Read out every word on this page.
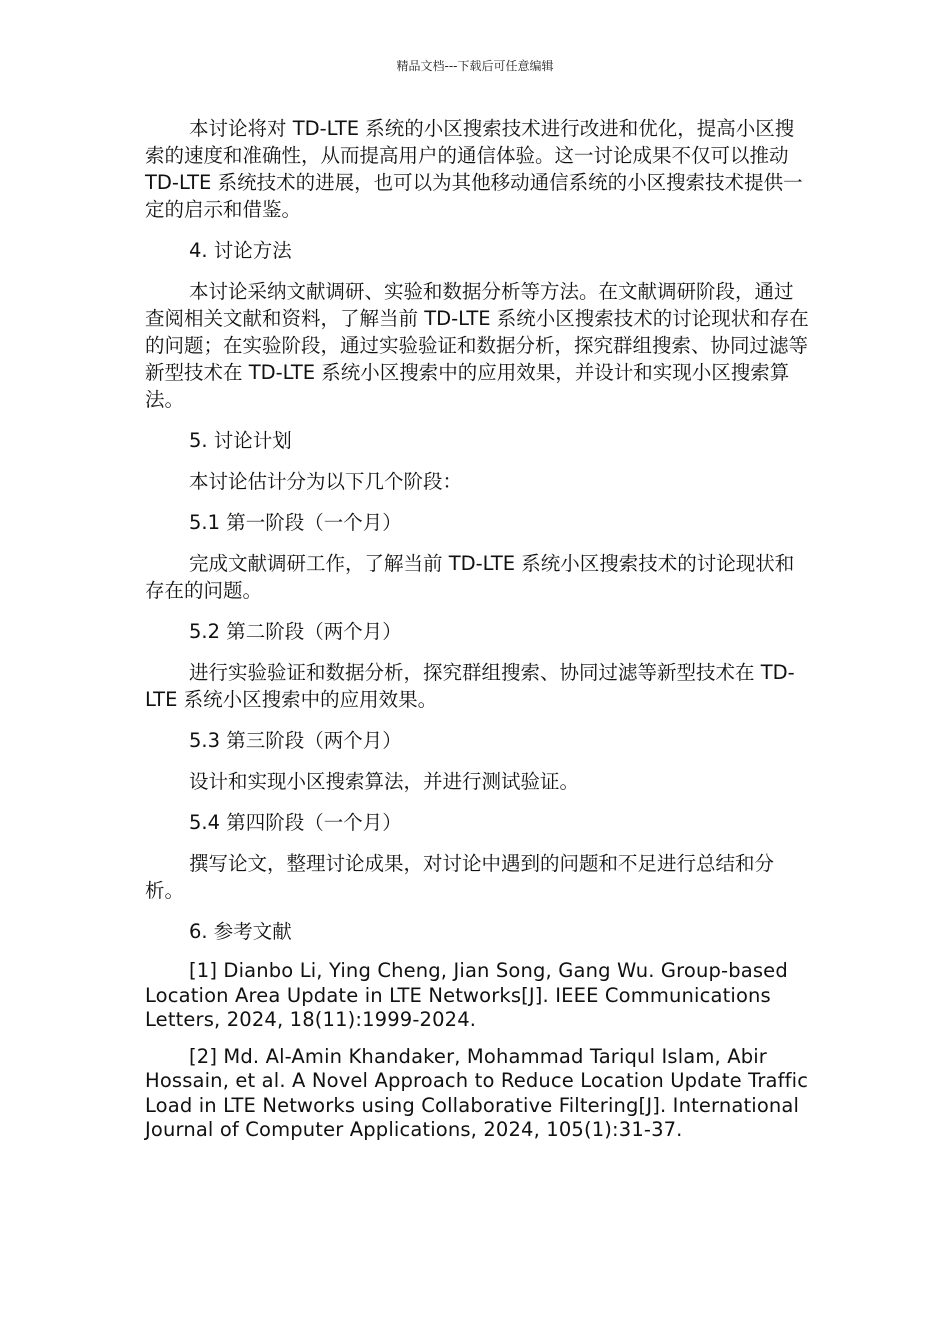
精品文档---下载后可任意编辑

本讨论将对 TD-LTE 系统的小区搜索技术进行改进和优化，提高小区搜索的速度和准确性，从而提高用户的通信体验。这一讨论成果不仅可以推动 TD-LTE 系统技术的进展，也可以为其他移动通信系统的小区搜索技术提供一定的启示和借鉴。

4. 讨论方法

本讨论采纳文献调研、实验和数据分析等方法。在文献调研阶段，通过查阅相关文献和资料，了解当前 TD-LTE 系统小区搜索技术的讨论现状和存在的问题；在实验阶段，通过实验验证和数据分析，探究群组搜索、协同过滤等新型技术在 TD-LTE 系统小区搜索中的应用效果，并设计和实现小区搜索算法。

5. 讨论计划

本讨论估计分为以下几个阶段：

5.1 第一阶段（一个月）

完成文献调研工作，了解当前 TD-LTE 系统小区搜索技术的讨论现状和存在的问题。

5.2 第二阶段（两个月）

进行实验验证和数据分析，探究群组搜索、协同过滤等新型技术在 TD-LTE 系统小区搜索中的应用效果。

5.3 第三阶段（两个月）

设计和实现小区搜索算法，并进行测试验证。

5.4 第四阶段（一个月）

撰写论文，整理讨论成果，对讨论中遇到的问题和不足进行总结和分析。

6. 参考文献

[1] Dianbo Li, Ying Cheng, Jian Song, Gang Wu. Group-based Location Area Update in LTE Networks[J]. IEEE Communications Letters, 2024, 18(11):1999-2024.

[2] Md. Al-Amin Khandaker, Mohammad Tariqul Islam, Abir Hossain, et al. A Novel Approach to Reduce Location Update Traffic Load in LTE Networks using Collaborative Filtering[J]. International Journal of Computer Applications, 2024, 105(1):31-37.
